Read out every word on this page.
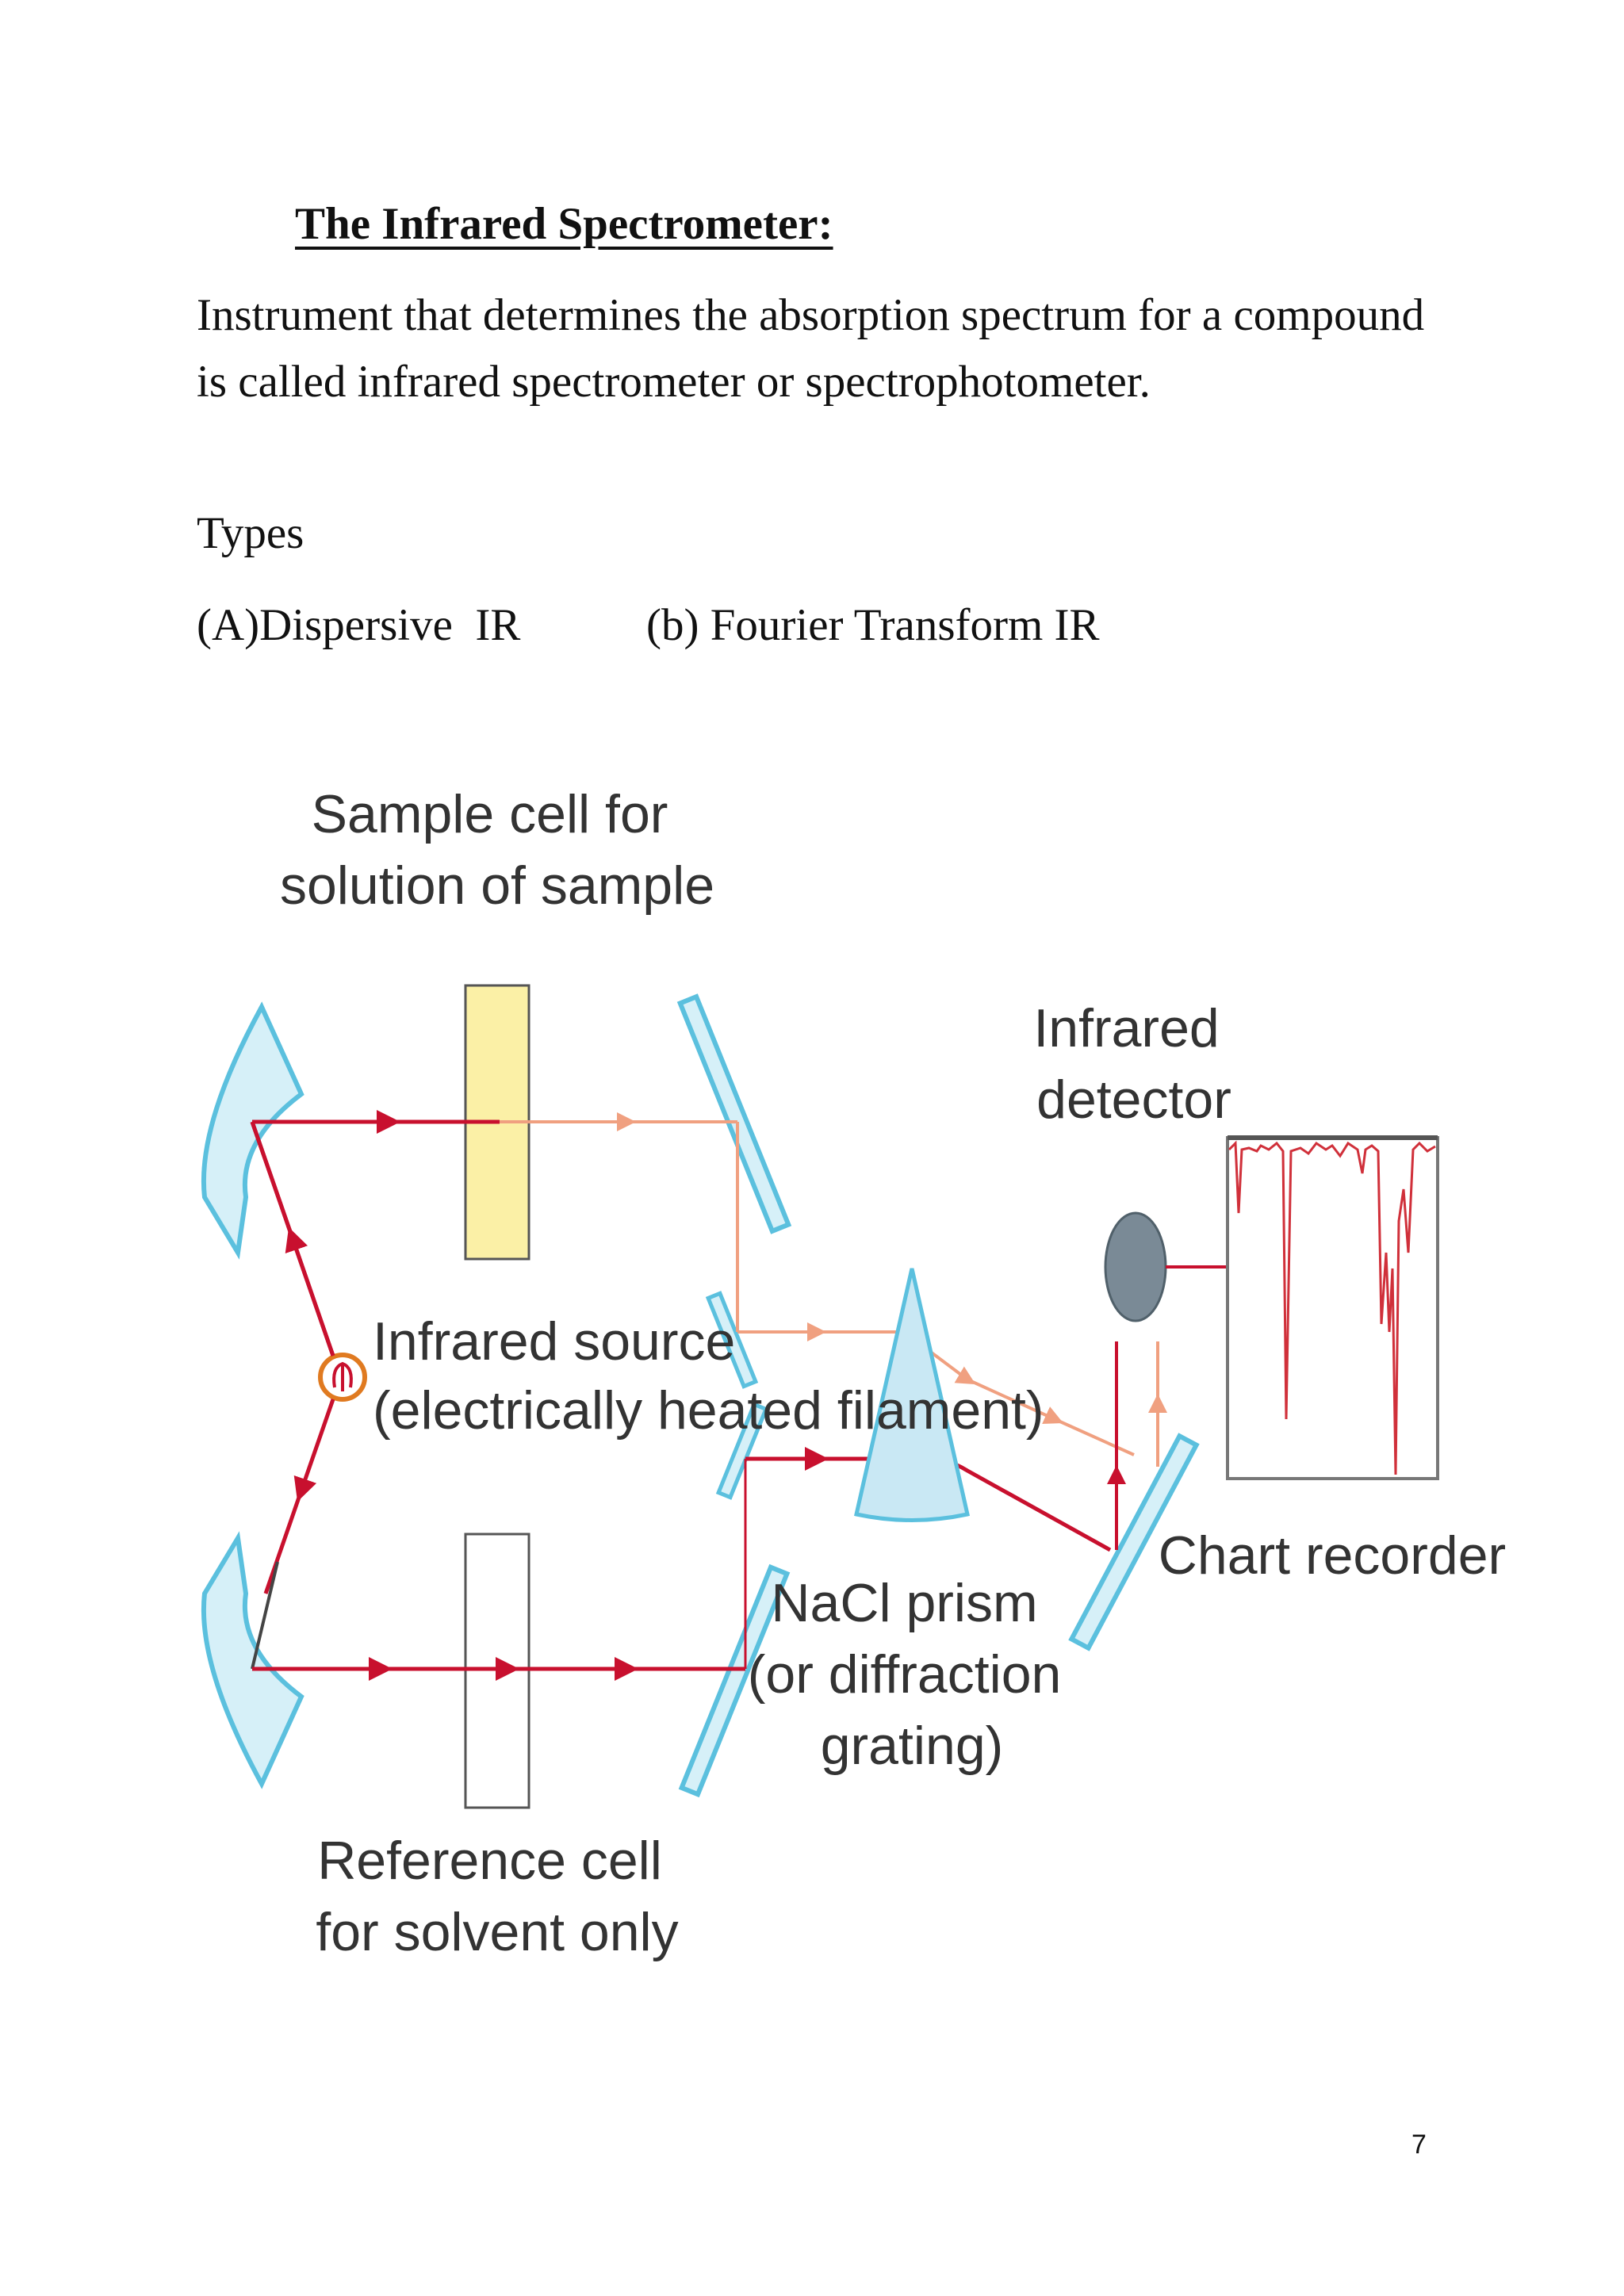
The Infrared Spectrometer:

Instrument that determines the absorption spectrum for a compound is called infrared spectrometer or spectrophotometer.

Types

(A)Dispersive  IR	(b) Fourier Transform IR
Sample cell for solution of sample
Infrared source (electrically heated filament)
Reference cell for solvent only
NaCl prism (or diffraction grating)
Infrared detector
Chart recorder
7
